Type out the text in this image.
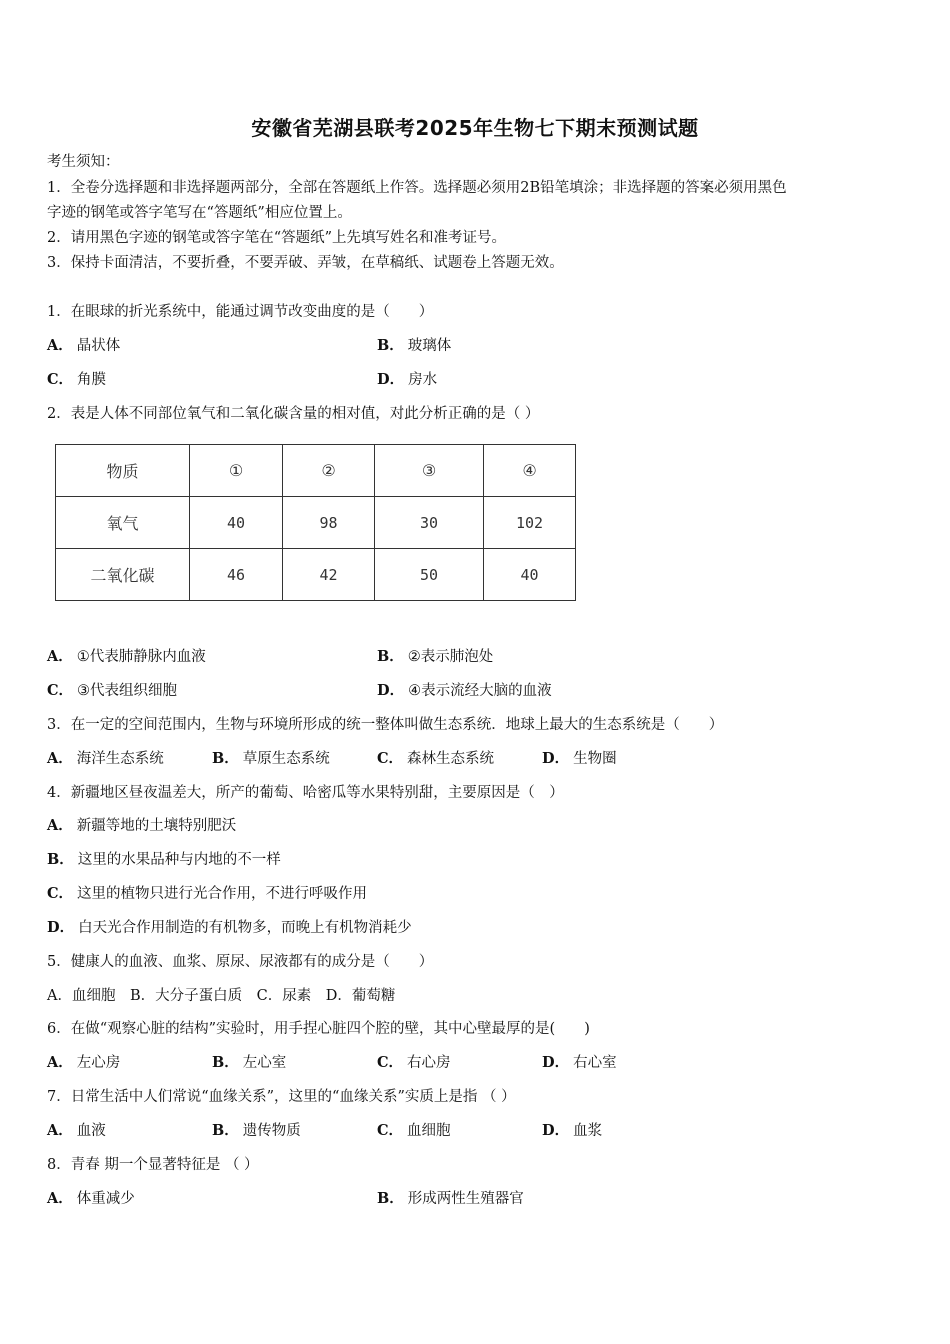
安徽省芜湖县联考2025年生物七下期末预测试题
考生须知：
1．全卷分选择题和非选择题两部分，全部在答题纸上作答。选择题必须用2B铅笔填涂；非选择题的答案必须用黑色
字迹的钢笔或答字笔写在“答题纸”相应位置上。
2．请用黑色字迹的钢笔或答字笔在“答题纸”上先填写姓名和准考证号。
3．保持卡面清洁，不要折叠，不要弄破、弄皱，在草稿纸、试题卷上答题无效。
1．在眼球的折光系统中，能通过调节改变曲度的是（　　）
A． 晶状体	B． 玻璃体
C． 角膜	D． 房水
2．表是人体不同部位氧气和二氧化碳含量的相对值，对此分析正确的是（ ）
物质	①	②	③	④
氧气	40	98	30	102
二氧化碳	46	42	50	40
A． ①代表肺静脉内血液	B． ②表示肺泡处
C． ③代表组织细胞	D． ④表示流经大脑的血液
3．在一定的空间范围内，生物与环境所形成的统一整体叫做生态系统．地球上最大的生态系统是（　　）
A． 海洋生态系统	B． 草原生态系统	C． 森林生态系统	D． 生物圈
4．新疆地区昼夜温差大，所产的葡萄、哈密瓜等水果特别甜，主要原因是（　）
A． 新疆等地的土壤特别肥沃
B． 这里的水果品种与内地的不一样
C． 这里的植物只进行光合作用，不进行呼吸作用
D． 白天光合作用制造的有机物多，而晚上有机物消耗少
5．健康人的血液、血浆、原尿、尿液都有的成分是（　　）
A．血细胞　B．大分子蛋白质　C．尿素　D．葡萄糖
6．在做“观察心脏的结构”实验时，用手捏心脏四个腔的壁，其中心壁最厚的是(　　)
A． 左心房	B． 左心室	C． 右心房	D． 右心室
7．日常生活中人们常说“血缘关系”，这里的“血缘关系”实质上是指 （ ）
A． 血液	B． 遗传物质	C． 血细胞	D． 血浆
8．青春 期一个显著特征是 （ ）
A． 体重减少	B． 形成两性生殖器官
